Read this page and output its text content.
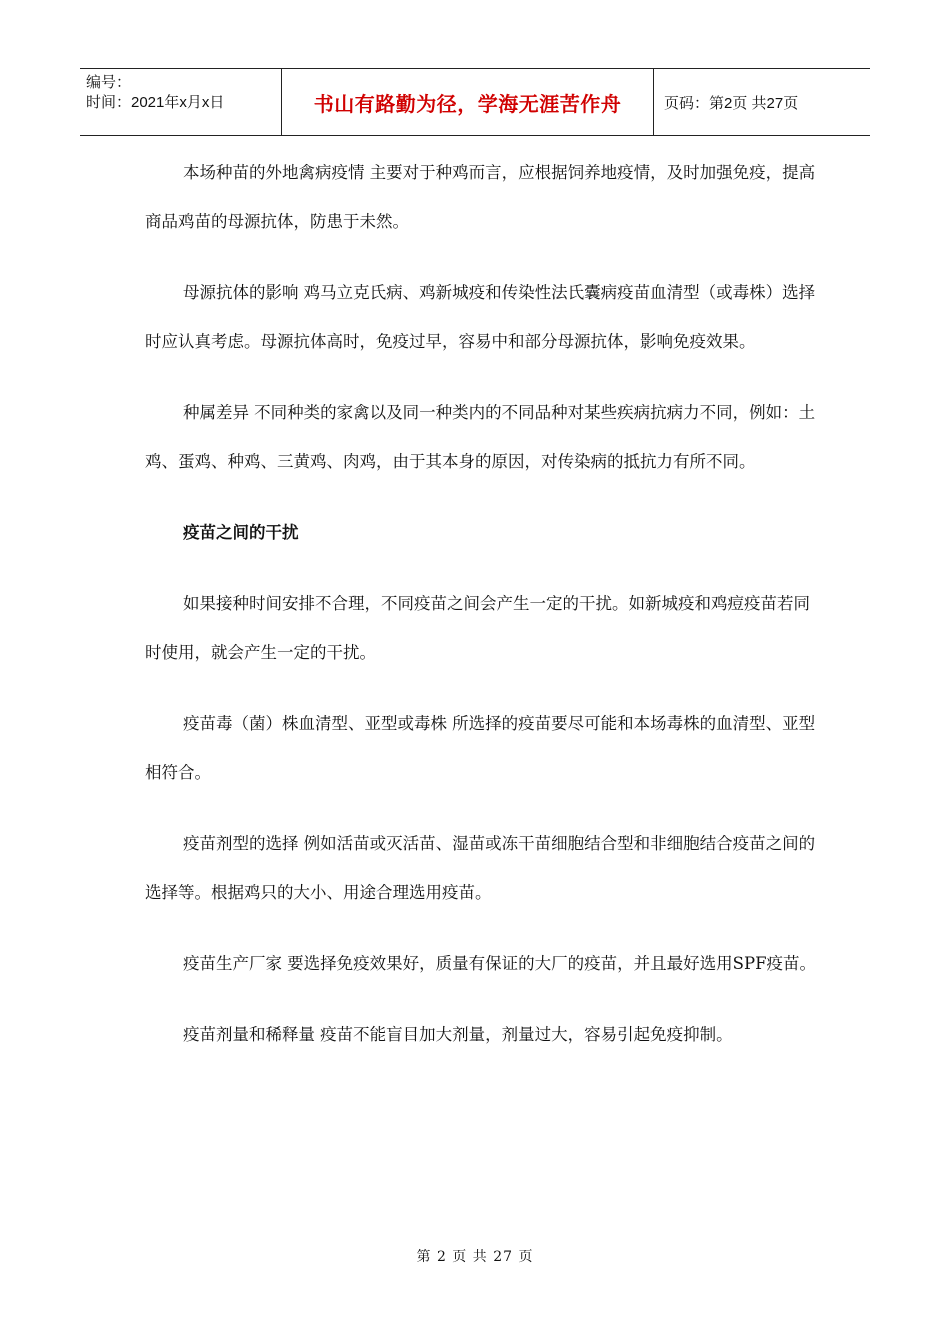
编号：
时间：2021年x月x日	书山有路勤为径，学海无涯苦作舟	页码：第2页 共27页

本场种苗的外地禽病疫情 主要对于种鸡而言，应根据饲养地疫情，及时加强免疫，提高商品鸡苗的母源抗体，防患于未然。

母源抗体的影响 鸡马立克氏病、鸡新城疫和传染性法氏囊病疫苗血清型（或毒株）选择时应认真考虑。母源抗体高时，免疫过早，容易中和部分母源抗体，影响免疫效果。

种属差异 不同种类的家禽以及同一种类内的不同品种对某些疾病抗病力不同，例如：土鸡、蛋鸡、种鸡、三黄鸡、肉鸡，由于其本身的原因，对传染病的抵抗力有所不同。

疫苗之间的干扰

如果接种时间安排不合理，不同疫苗之间会产生一定的干扰。如新城疫和鸡痘疫苗若同时使用，就会产生一定的干扰。

疫苗毒（菌）株血清型、亚型或毒株 所选择的疫苗要尽可能和本场毒株的血清型、亚型相符合。

疫苗剂型的选择 例如活苗或灭活苗、湿苗或冻干苗细胞结合型和非细胞结合疫苗之间的选择等。根据鸡只的大小、用途合理选用疫苗。

疫苗生产厂家 要选择免疫效果好，质量有保证的大厂的疫苗，并且最好选用SPF疫苗。

疫苗剂量和稀释量 疫苗不能盲目加大剂量，剂量过大，容易引起免疫抑制。

第 2 页 共 27 页
